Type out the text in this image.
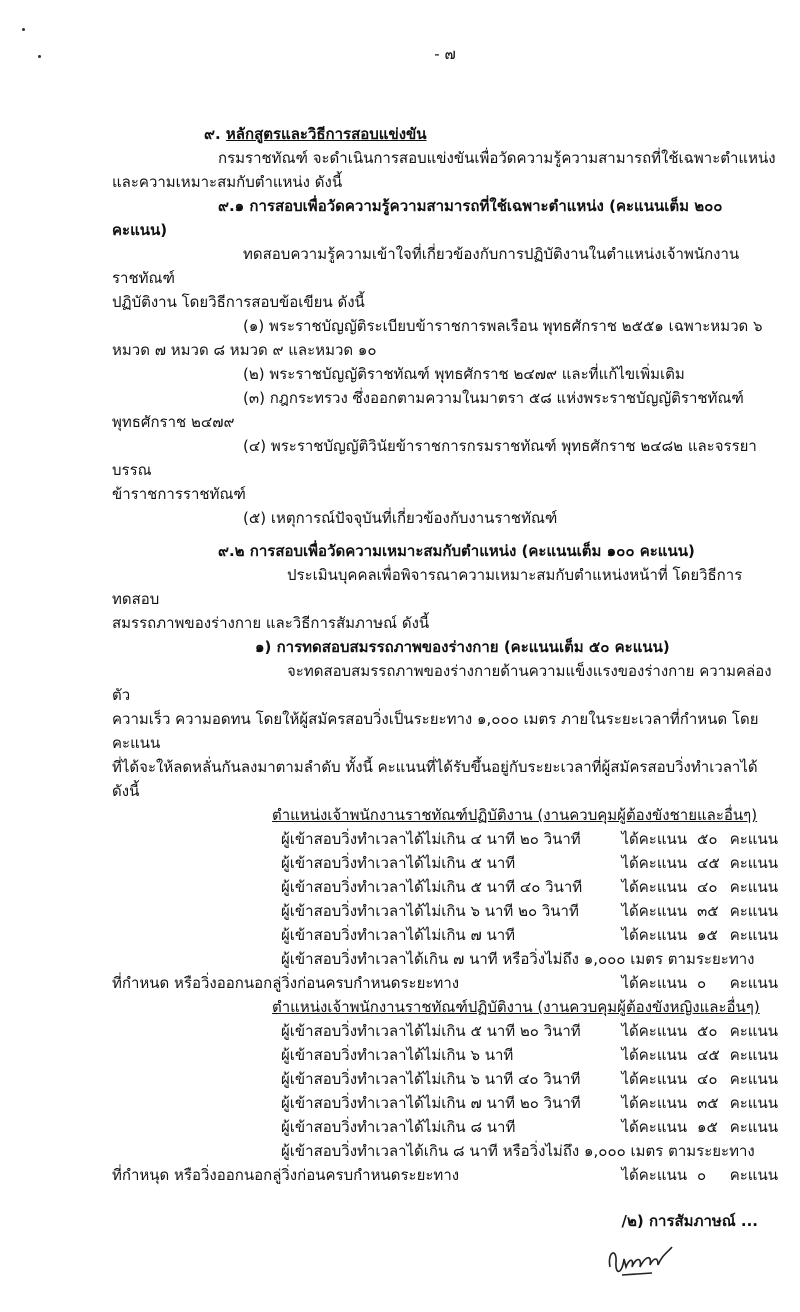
- ๗

๙. หลักสูตรและวิธีการสอบแข่งขัน

กรมราชทัณฑ์ จะดำเนินการสอบแข่งขันเพื่อวัดความรู้ความสามารถที่ใช้เฉพาะตำแหน่ง

และความเหมาะสมกับตำแหน่ง ดังนี้

๙.๑ การสอบเพื่อวัดความรู้ความสามารถที่ใช้เฉพาะตำแหน่ง (คะแนนเต็ม ๒๐๐ คะแนน)

ทดสอบความรู้ความเข้าใจที่เกี่ยวข้องกับการปฏิบัติงานในตำแหน่งเจ้าพนักงานราชทัณฑ์

ปฏิบัติงาน โดยวิธีการสอบข้อเขียน ดังนี้

(๑) พระราชบัญญัติระเบียบข้าราชการพลเรือน พุทธศักราช ๒๕๕๑ เฉพาะหมวด ๖

หมวด ๗ หมวด ๘ หมวด ๙ และหมวด ๑๐

(๒) พระราชบัญญัติราชทัณฑ์ พุทธศักราช ๒๔๗๙ และที่แก้ไขเพิ่มเติม

(๓) กฎกระทรวง ซึ่งออกตามความในมาตรา ๕๘ แห่งพระราชบัญญัติราชทัณฑ์

พุทธศักราช ๒๔๗๙

(๔) พระราชบัญญัติวินัยข้าราชการกรมราชทัณฑ์ พุทธศักราช ๒๔๘๒ และจรรยาบรรณ

ข้าราชการราชทัณฑ์

(๕) เหตุการณ์ปัจจุบันที่เกี่ยวข้องกับงานราชทัณฑ์

๙.๒ การสอบเพื่อวัดความเหมาะสมกับตำแหน่ง (คะแนนเต็ม ๑๐๐ คะแนน)

ประเมินบุคคลเพื่อพิจารณาความเหมาะสมกับตำแหน่งหน้าที่ โดยวิธีการทดสอบ

สมรรถภาพของร่างกาย และวิธีการสัมภาษณ์ ดังนี้

๑) การทดสอบสมรรถภาพของร่างกาย (คะแนนเต็ม ๕๐ คะแนน)

จะทดสอบสมรรถภาพของร่างกายด้านความแข็งแรงของร่างกาย ความคล่องตัว

ความเร็ว ความอดทน โดยให้ผู้สมัครสอบวิ่งเป็นระยะทาง ๑,๐๐๐ เมตร ภายในระยะเวลาที่กำหนด โดยคะแนน

ที่ได้จะให้ลดหลั่นกันลงมาตามลำดับ ทั้งนี้ คะแนนที่ได้รับขึ้นอยู่กับระยะเวลาที่ผู้สมัครสอบวิ่งทำเวลาได้ ดังนี้

ตำแหน่งเจ้าพนักงานราชทัณฑ์ปฏิบัติงาน (งานควบคุมผู้ต้องขังชายและอื่นๆ)

ผู้เข้าสอบวิ่งทำเวลาได้ไม่เกิน ๔ นาที ๒๐ วินาที	ได้คะแนน ๕๐ คะแนน
ผู้เข้าสอบวิ่งทำเวลาได้ไม่เกิน ๕ นาที	ได้คะแนน ๔๕ คะแนน
ผู้เข้าสอบวิ่งทำเวลาได้ไม่เกิน ๕ นาที ๔๐ วินาที	ได้คะแนน ๔๐ คะแนน
ผู้เข้าสอบวิ่งทำเวลาได้ไม่เกิน ๖ นาที ๒๐ วินาที	ได้คะแนน ๓๕ คะแนน
ผู้เข้าสอบวิ่งทำเวลาได้ไม่เกิน ๗ นาที	ได้คะแนน ๑๕ คะแนน
ผู้เข้าสอบวิ่งทำเวลาได้เกิน ๗ นาที หรือวิ่งไม่ถึง ๑,๐๐๐ เมตร ตามระยะทาง
ที่กำหนด หรือวิ่งออกนอกลู่วิ่งก่อนครบกำหนดระยะทาง	ได้คะแนน ๐	คะแนน

ตำแหน่งเจ้าพนักงานราชทัณฑ์ปฏิบัติงาน (งานควบคุมผู้ต้องขังหญิงและอื่นๆ)

ผู้เข้าสอบวิ่งทำเวลาได้ไม่เกิน ๕ นาที ๒๐ วินาที	ได้คะแนน ๕๐ คะแนน
ผู้เข้าสอบวิ่งทำเวลาได้ไม่เกิน ๖ นาที	ได้คะแนน ๔๕ คะแนน
ผู้เข้าสอบวิ่งทำเวลาได้ไม่เกิน ๖ นาที ๔๐ วินาที	ได้คะแนน ๔๐ คะแนน
ผู้เข้าสอบวิ่งทำเวลาได้ไม่เกิน ๗ นาที ๒๐ วินาที	ได้คะแนน ๓๕ คะแนน
ผู้เข้าสอบวิ่งทำเวลาได้ไม่เกิน ๘ นาที	ได้คะแนน ๑๕ คะแนน
ผู้เข้าสอบวิ่งทำเวลาได้เกิน ๘ นาที หรือวิ่งไม่ถึง ๑,๐๐๐ เมตร ตามระยะทาง
ที่กำหนุด หรือวิ่งออกนอกลู่วิ่งก่อนครบกำหนดระยะทาง	ได้คะแนน ๐	คะแนน

/๒) การสัมภาษณ์ ...
